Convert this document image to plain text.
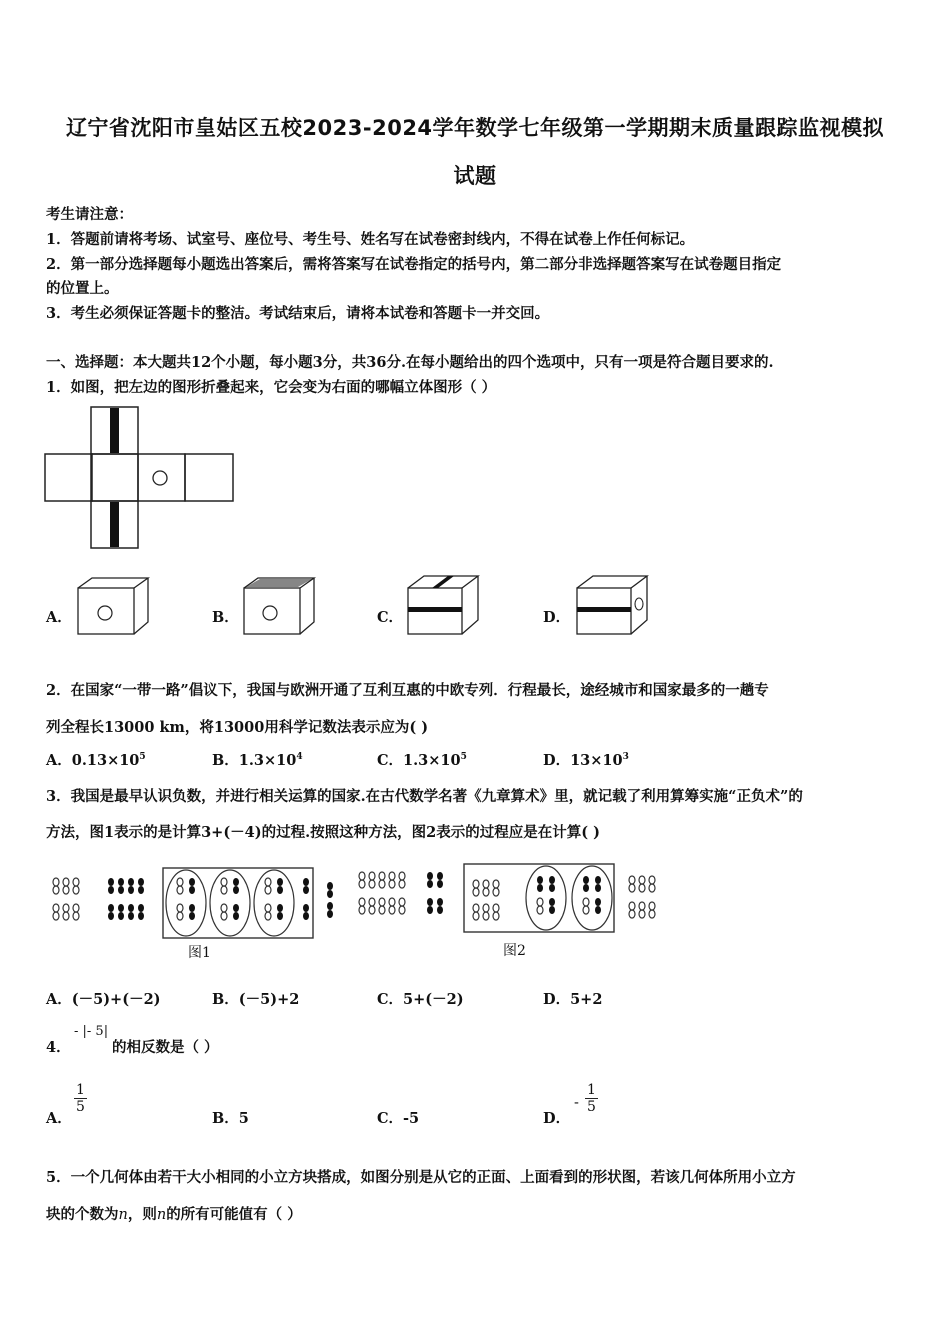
辽宁省沈阳市皇姑区五校2023-2024学年数学七年级第一学期期末质量跟踪监视模拟
试题
考生请注意：
1．答题前请将考场、试室号、座位号、考生号、姓名写在试卷密封线内，不得在试卷上作任何标记。
2．第一部分选择题每小题选出答案后，需将答案写在试卷指定的括号内，第二部分非选择题答案写在试卷题目指定
的位置上。
3．考生必须保证答题卡的整洁。考试结束后，请将本试卷和答题卡一并交回。
一、选择题：本大题共12个小题，每小题3分，共36分.在每小题给出的四个选项中，只有一项是符合题目要求的.
1．如图，把左边的图形折叠起来，它会变为右面的哪幅立体图形（ ）
A．	B．	C．	D．
2．在国家“一带一路”倡议下，我国与欧洲开通了互利互惠的中欧专列．行程最长，途经城市和国家最多的一趟专
列全程长13000 km，将13000用科学记数法表示应为( )
A．$0.13\times 10^5$	B．$1.3\times 10^4$	C．$1.3\times 10^5$	D．$13\times 10^3$
3．我国是最早认识负数，并进行相关运算的国家.在古代数学名著《九章算术》里，就记载了利用算筹实施“正负术”的
方法，图1表示的是计算3+(－4)的过程.按照这种方法，图2表示的过程应是在计算( )
图1	图2
A．(－5)+(－2)	B．(－5)+2	C．5+(－2)	D．5+2
4．
- |- 5|
的相反数是（ ）
A．
$\frac{1}{5}$
B．5	C．-5	D．
- $\frac{1}{5}$
5．一个几何体由若干大小相同的小立方块搭成，如图分别是从它的正面、上面看到的形状图，若该几何体所用小立方
块的个数为n，则n的所有可能值有（ ）
